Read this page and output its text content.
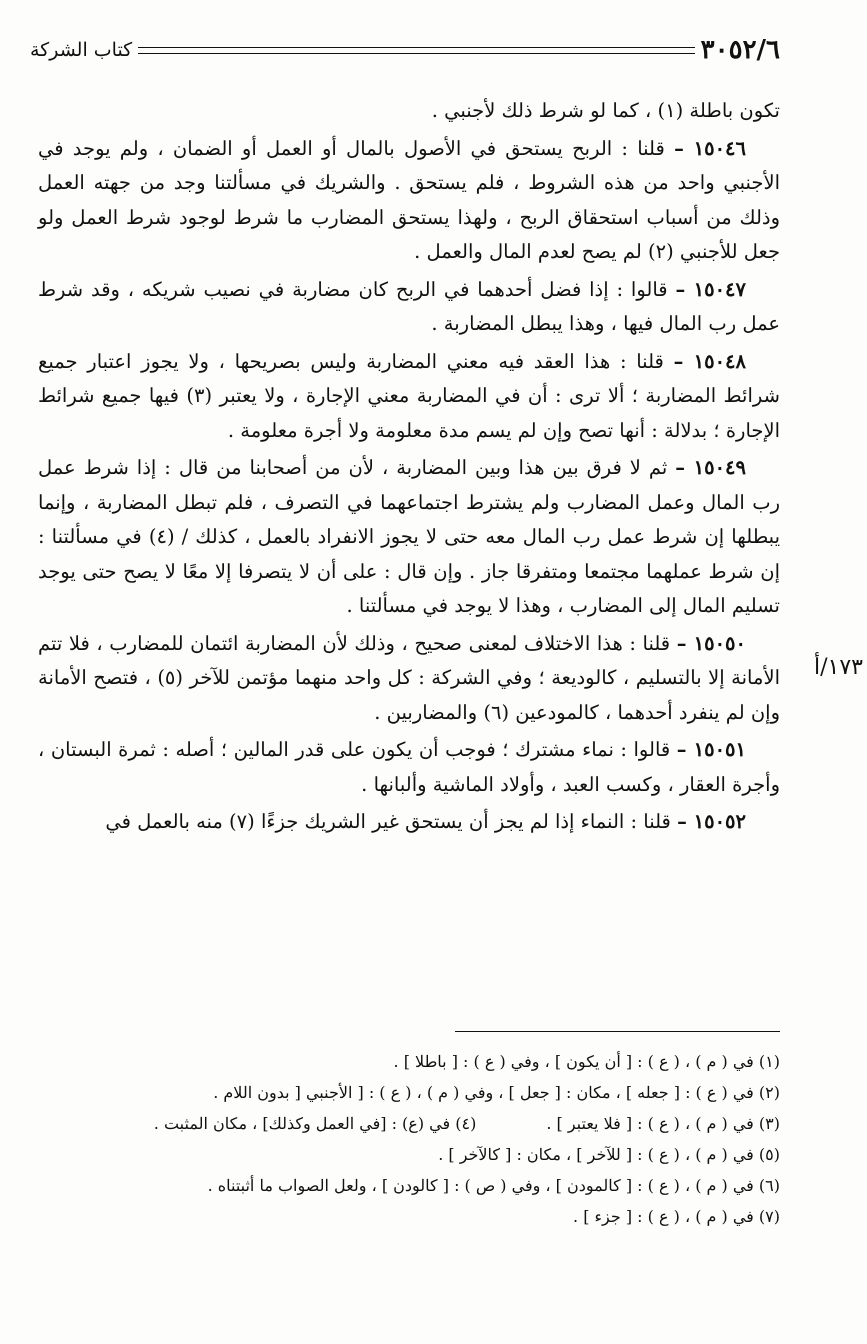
٣٠٥٢/٦
كتاب الشركة
١٧٣/أ

تكون باطلة (١) ، كما لو شرط ذلك لأجنبي .

١٥٠٤٦ – قلنا : الربح يستحق في الأصول بالمال أو العمل أو الضمان ، ولم يوجد في الأجنبي واحد من هذه الشروط ، فلم يستحق . والشريك في مسألتنا وجد من جهته العمل وذلك من أسباب استحقاق الربح ، ولهذا يستحق المضارب ما شرط لوجود شرط العمل ولو جعل للأجنبي (٢) لم يصح لعدم المال والعمل .

١٥٠٤٧ – قالوا : إذا فضل أحدهما في الربح كان مضاربة في نصيب شريكه ، وقد شرط عمل رب المال فيها ، وهذا يبطل المضاربة .

١٥٠٤٨ – قلنا : هذا العقد فيه معني المضاربة وليس بصريحها ، ولا يجوز اعتبار جميع شرائط المضاربة ؛ ألا ترى : أن في المضاربة معني الإجارة ، ولا يعتبر (٣) فيها جميع شرائط الإجارة ؛ بدلالة : أنها تصح وإن لم يسم مدة معلومة ولا أجرة معلومة .

١٥٠٤٩ – ثم لا فرق بين هذا وبين المضاربة ، لأن من أصحابنا من قال : إذا شرط عمل رب المال وعمل المضارب ولم يشترط اجتماعهما في التصرف ، فلم تبطل المضاربة ، وإنما يبطلها إن شرط عمل رب المال معه حتى لا يجوز الانفراد بالعمل ، كذلك / (٤) في مسألتنا : إن شرط عملهما مجتمعا ومتفرقا جاز . وإن قال : على أن لا يتصرفا إلا معًا لا يصح حتى يوجد تسليم المال إلى المضارب ، وهذا لا يوجد في مسألتنا .

١٥٠٥٠ – قلنا : هذا الاختلاف لمعنى صحيح ، وذلك لأن المضاربة ائتمان للمضارب ، فلا تتم الأمانة إلا بالتسليم ، كالوديعة ؛ وفي الشركة : كل واحد منهما مؤتمن للآخر (٥) ، فتصح الأمانة وإن لم ينفرد أحدهما ، كالمودعين (٦) والمضاربين .

١٥٠٥١ – قالوا : نماء مشترك ؛ فوجب أن يكون على قدر المالين ؛ أصله : ثمرة البستان ، وأجرة العقار ، وكسب العبد ، وأولاد الماشية وألبانها .

١٥٠٥٢ – قلنا : النماء إذا لم يجز أن يستحق غير الشريك جزءًا (٧) منه بالعمل في

(١) في ( م ) ، ( ع ) : [ أن يكون ] ، وفي ( ع ) : [ باطلا ] .
(٢) في ( ع ) : [ جعله ] ، مكان : [ جعل ] ، وفي ( م ) ، ( ع ) : [ الأجنبي [ بدون اللام .
(٣) في ( م ) ، ( ع ) : [ فلا يعتبر ] .
(٤) في (ع) : [في العمل وكذلك] ، مكان المثبت .
(٥) في ( م ) ، ( ع ) : [ للآخر ] ، مكان : [ كالآخر ] .
(٦) في ( م ) ، ( ع ) : [ كالمودن ] ، وفي ( ص ) : [ كالودن ] ، ولعل الصواب ما أثبتناه .
(٧) في ( م ) ، ( ع ) : [ جزء ] .
